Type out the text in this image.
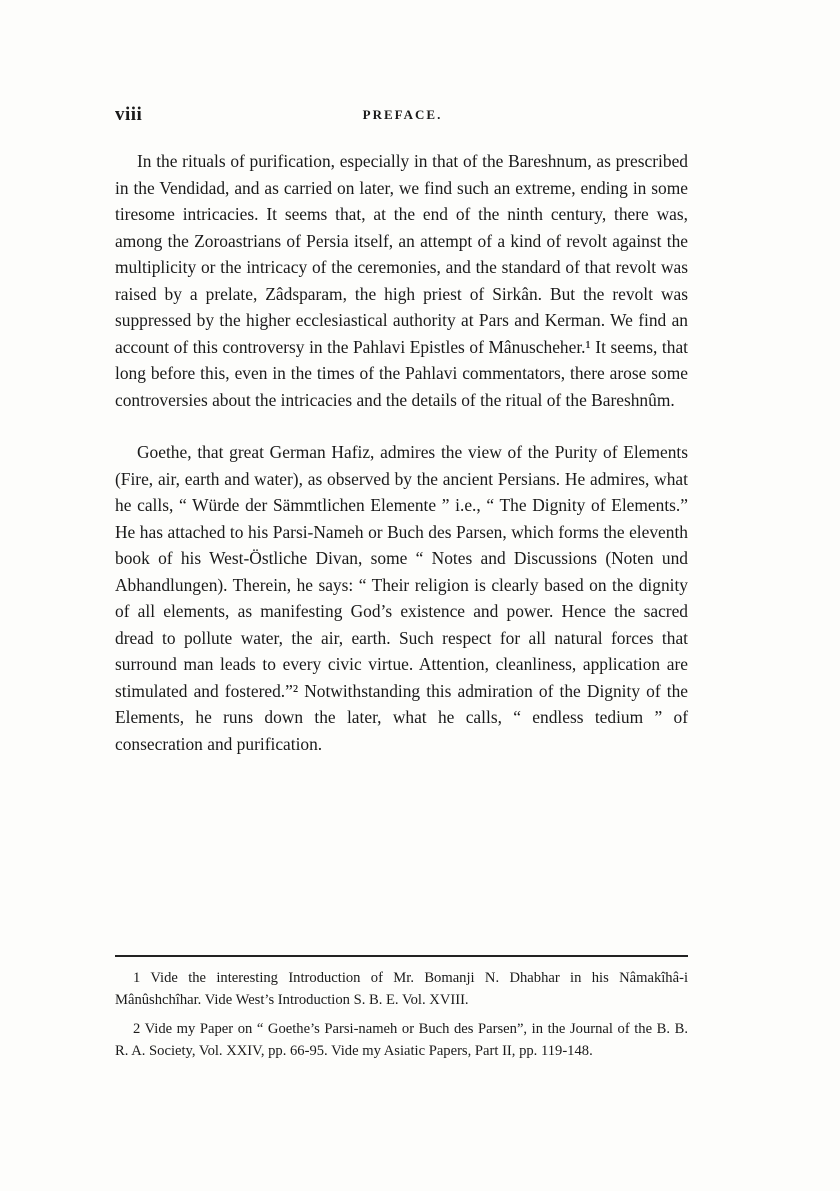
viii	PREFACE.

In the rituals of purification, especially in that of the Bareshnum, as prescribed in the Vendidad, and as carried on later, we find such an extreme, ending in some tiresome intricacies. It seems that, at the end of the ninth century, there was, among the Zoroastrians of Persia itself, an attempt of a kind of revolt against the multiplicity or the intricacy of the ceremonies, and the standard of that revolt was raised by a prelate, Zâdsparam, the high priest of Sirkân. But the revolt was suppressed by the higher ecclesiastical authority at Pars and Kerman. We find an account of this controversy in the Pahlavi Epistles of Mânuscheher.¹ It seems, that long before this, even in the times of the Pahlavi commentators, there arose some controversies about the intricacies and the details of the ritual of the Bareshnûm.

Goethe, that great German Hafiz, admires the view of the Purity of Elements (Fire, air, earth and water), as observed by the ancient Persians. He admires, what he calls, “ Würde der Sämmtlichen Elemente ” i.e., “ The Dignity of Elements.” He has attached to his Parsi-Nameh or Buch des Parsen, which forms the eleventh book of his West-Östliche Divan, some “ Notes and Discussions (Noten und Abhandlungen). Therein, he says: “ Their religion is clearly based on the dignity of all elements, as manifesting God’s existence and power. Hence the sacred dread to pollute water, the air, earth. Such respect for all natural forces that surround man leads to every civic virtue. Attention, cleanliness, application are stimulated and fostered.”² Notwithstanding this admiration of the Dignity of the Elements, he runs down the later, what he calls, “ endless tedium ” of consecration and purification.

1 Vide the interesting Introduction of Mr. Bomanji N. Dhabhar in his Nâmakîhâ-i Mânûshchîhar. Vide West’s Introduction S. B. E. Vol. XVIII.

2 Vide my Paper on “ Goethe’s Parsi-nameh or Buch des Parsen”, in the Journal of the B. B. R. A. Society, Vol. XXIV, pp. 66-95. Vide my Asiatic Papers, Part II, pp. 119-148.
